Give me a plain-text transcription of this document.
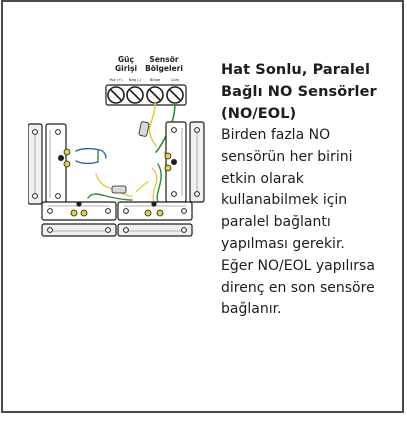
Güç
Girişi
Sensör
Bölgeleri
Poz (+) Neg (-) Bölge	Com
Hat Sonlu, Paralel
Bağlı NO Sensörler
(NO/EOL)
Birden fazla NO
sensörün her birini
etkin olarak
kullanabilmek için
paralel bağlantı
yapılması gerekir.
Eğer NO/EOL yapılırsa
direnç en son sensöre
bağlanır.
